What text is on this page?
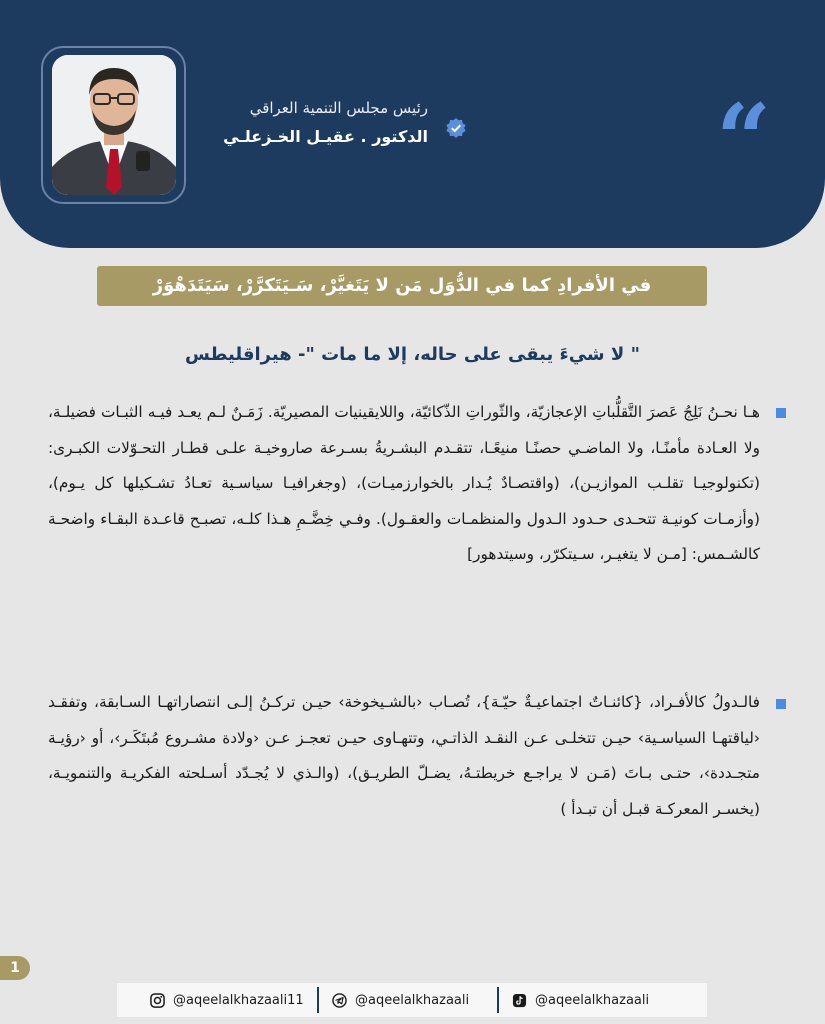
“
رئيس مجلس التنمية العراقي
الدكتور . عقيـل الخـزعلـي
في الأفرادِ كما في الدُّوَل مَن لا يَتَغيَّرْ، سَـيَتَكرَّرْ، سَيَتَدَهْوَرْ
" لا شيءَ يبقى على حاله، إلا ما مات "- هيراقليطس
هـا نحـنُ نَلِجُ عَصرَ التَّقلُّباتِ الإعجازيّة، والثّوراتِ الذّكائيّة، واللايقينيات المصيريّة. زَمَـنٌ لـم يعـد فيـه الثبـات فضيلـة، ولا العـادة مأمنًـا، ولا الماضـي حصنًـا منيعًـا، تتقـدم البشـريةُ بسـرعة صاروخيـة علـى قطـار التحـوّلات الكبـرى: (تكنولوجيـا تقلـب الموازيـن)، (واقتصـادٌ يُـدار بالخوارزميـات)، (وجغرافيـا سياسـية تعـادُ تشـكيلها كل يـوم)، (وأزمـات كونيـة تتحـدى حـدود الـدول والمنظمـات والعقـول). وفـي خِضَّـمِ هـذا كلـه، تصبـح قاعـدة البقـاء واضحـة كالشـمس: [مـن لا يتغيـر، سـيتكرّر، وسيتدهور]
فالـدولُ كالأفـراد، {كائنـاتٌ اجتماعيـةٌ حيّـة}، تُصـاب ‹بالشـيخوخة› حيـن تركـنُ إلـى انتصاراتهـا السـابقة، وتفقـد ‹لياقتهـا السياسـية› حيـن تتخلـى عـن النقـد الذاتـي، وتتهـاوى حيـن تعجـز عـن ‹ولادة مشـروع مُبتَكَـر›، أو ‹رؤيـة متجـددة›، حتـى بـاتَ (مَـن لا يراجـع خريطتـهُ، يضـلّ الطريـق)، (والـذي لا يُجـدّد أسـلحته الفكريـة والتنمويـة، (يخسـر المعركـة قبـل أن تبـدأ )
1
@aqeelalkhazaali11	@aqeelalkhazaali	@aqeelalkhazaali
